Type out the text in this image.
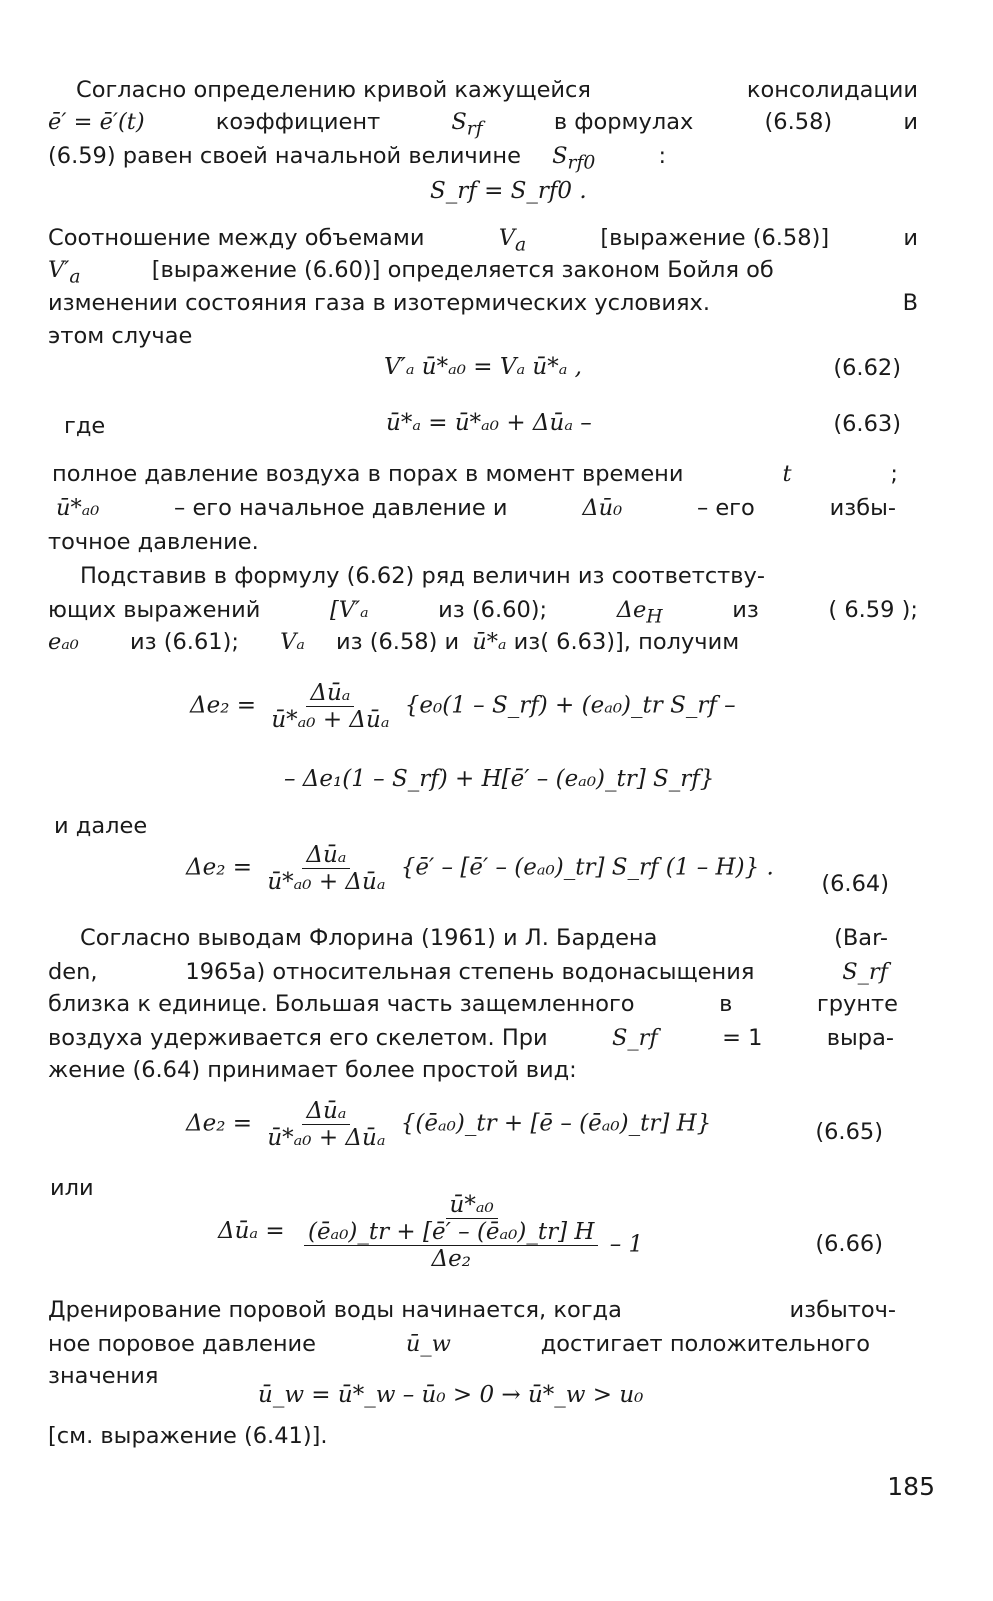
Согласно определению кривой кажущейся	консолидации
ē′ = ē′(t)	коэффициент	$S_{rf}$	в формулах	(6.58)	и
(6.59) равен своей начальной величине $S_{rf0}$	:
S_rf = S_rf0 .
Соотношение между объемами	$V_a$	[выражение (6.58)]	и
$V'_a$	[выражение (6.60)] определяется законом Бойля об
изменении состояния газа в изотермических условиях.	В
этом случае
V′ₐ ū*ₐ₀ = Vₐ ū*ₐ ,	(6.62)
где	ū*ₐ = ū*ₐ₀ + Δūₐ –	(6.63)
полное давление воздуха в порах в момент времени	t	;
ū*ₐ₀	– его начальное давление и	Δū₀	– его	избы-
точное давление.
Подставив в формулу (6.62) ряд величин из соответству-
ющих выражений	[V′ₐ	из (6.60);	$\Delta e_H$	из	( 6.59 );
eₐ₀ из (6.61); Vₐ из (6.58) и ū*ₐ из( 6.63)], получим
$\Delta e_2 = \frac{\text{Δūₐ}}{\text{ū*ₐ₀ + Δūₐ}} \{e_0(1$ – S_rf) + (eₐ₀)_tr S_rf –
– Δe₁(1 – S_rf) + H[ē′ – (eₐ₀)_tr] S_rf}
и далее
$\Delta e_2 = \frac{\text{Δūₐ}}{\text{ū*ₐ₀ + Δūₐ}}$ {ē′ – [ē′ – (eₐ₀)_tr] S_rf (1 – H)} .
(6.64)
Согласно выводам Флорина (1961) и Л. Бардена	(Bar-
den,	1965a) относительная степень водонасыщения	S_rf
близка к единице. Большая часть защемленного	в	грунте
воздуха удерживается его скелетом. При	S_rf	= 1	выра-
жение (6.64) принимает более простой вид:
$\Delta e_2 = \frac{\text{Δūₐ}}{\text{ū*ₐ₀ + Δūₐ}}$ {(ēₐ₀)_tr + [ē – (ēₐ₀)_tr] H}	(6.65)
или
Δūₐ = $\frac{\text{ū*ₐ₀}}{\frac{\text{(ēₐ₀)\_tr + [ē′ – (ēₐ₀)\_tr] H}}{\text{Δe₂}} - 1}$	(6.66)
Дренирование поровой воды начинается, когда	избыточ-
ное поровое давление	ū_w	достигает положительного
значения
ū_w = ū*_w – ū₀ > 0 → ū*_w > u₀
[см. выражение (6.41)].
185
